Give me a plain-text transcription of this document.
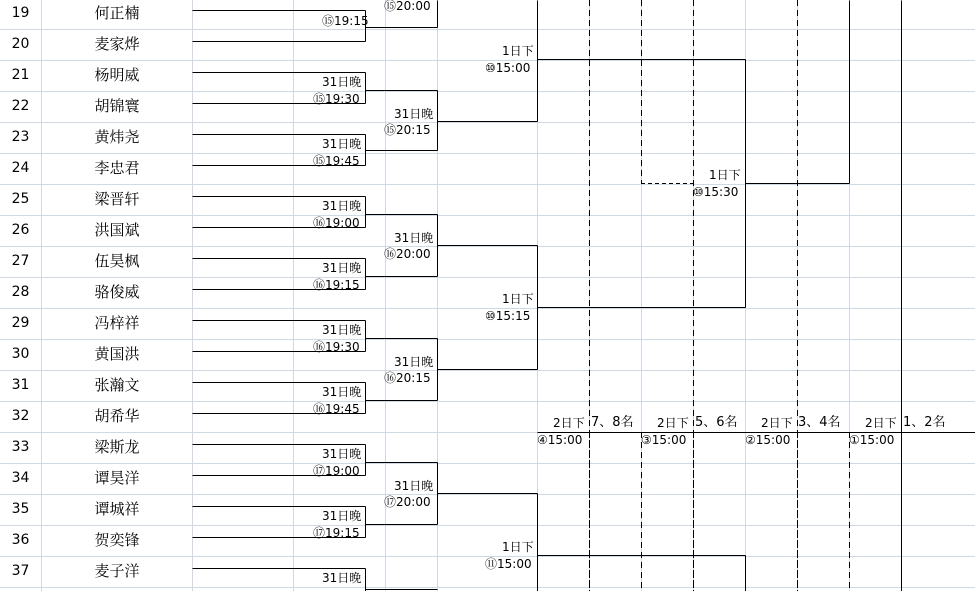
19	何正楠
20	麦家烨
21	杨明威
22	胡锦寰
23	黄炜尧
24	李忠君
25	梁晋轩
26	洪国斌
27	伍昊枫
28	骆俊威
29	冯梓祥
30	黄国洪
31	张瀚文
32	胡希华
33	梁斯龙
34	谭昊洋
35	谭城祥
36	贺奕锋
37	麦子洋
⑮19:15
31日晚
⑮19:30
31日晚
⑮19:45
31日晚
⑯19:00
31日晚
⑯19:15
31日晚
⑯19:30
31日晚
⑯19:45
31日晚
⑰19:00
31日晚
⑰19:15
31日晚
⑮20:00
31日晚
⑮20:15
31日晚
⑯20:00
31日晚
⑯20:15
31日晚
⑰20:00
1日下
⑩15:00
1日下
⑩15:15
1日下
⑪15:00
1日下
⑩15:30
2日下 7、8名
④15:00
2日下 5、6名
③15:00
2日下 3、4名
②15:00
2日下 1、2名
①15:00
